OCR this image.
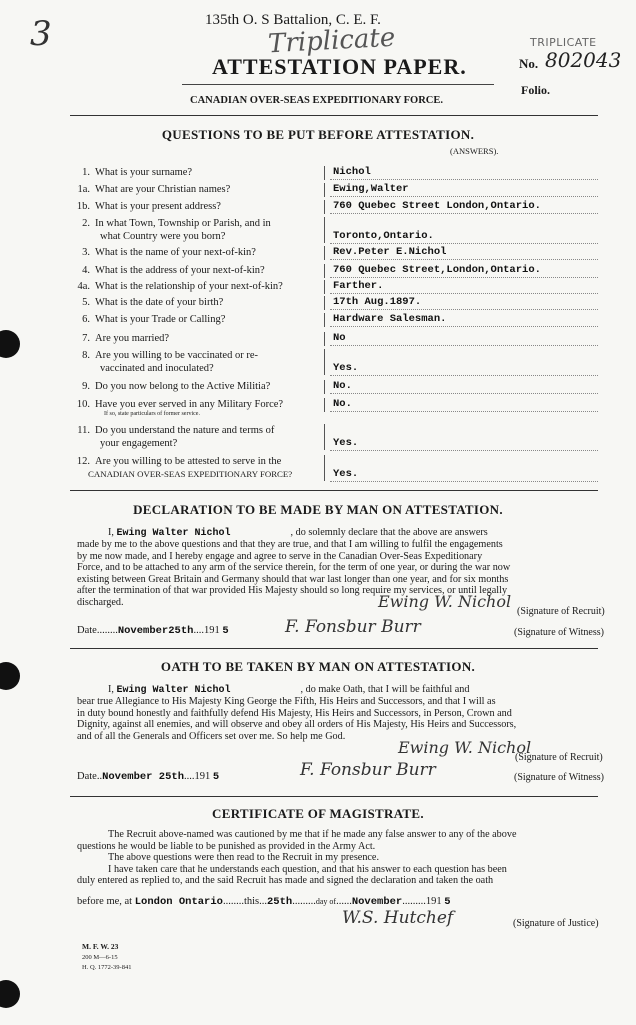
3	135th O. S Battalion, C. E. F.
Triplicate	TRIPLICATE
ATTESTATION PAPER.	No. 802043
Folio.
CANADIAN OVER-SEAS EXPEDITIONARY FORCE.
QUESTIONS TO BE PUT BEFORE ATTESTATION.
(ANSWERS).
1. What is your surname?	Nichol
1a. What are your Christian names?	Ewing,Walter
1b. What is your present address?	760 Quebec Street London,Ontario.
2. In what Town, Township or Parish, and in
what Country were you born?	Toronto,Ontario.
3. What is the name of your next-of-kin?	Rev.Peter E.Nichol
4. What is the address of your next-of-kin?	760 Quebec Street,London,Ontario.
4a. What is the relationship of your next-of-kin?	Farther.
5. What is the date of your birth?	17th Aug.1897.
6. What is your Trade or Calling?	Hardware Salesman.
7. Are you married?	No
8. Are you willing to be vaccinated or re-
vaccinated and inoculated?	Yes.
9. Do you now belong to the Active Militia?	No.
10. Have you ever served in any Military Force?
If so, state particulars of former service.
No.
11. Do you understand the nature and terms of
your engagement?	Yes.
12. Are you willing to be attested to serve in the
CANADIAN OVER-SEAS EXPEDITIONARY FORCE?	Yes.
DECLARATION TO BE MADE BY MAN ON ATTESTATION.
I, Ewing Walter Nichol	, do solemnly declare that the above are answers
made by me to the above questions and that they are true, and that I am willing to fulfil the engagements
by me now made, and I hereby engage and agree to serve in the Canadian Over-Seas Expeditionary
Force, and to be attached to any arm of the service therein, for the term of one year, or during the war now
existing between Great Britain and Germany should that war last longer than one year, and for six months
after the termination of that war provided His Majesty should so long require my services, or until legally
discharged.	Ewing W. Nichol
(Signature of Recruit)
Date........November25th....191 5	F. Fonsbur Burr	(Signature of Witness)
OATH TO BE TAKEN BY MAN ON ATTESTATION.
I, Ewing Walter Nichol	, do make Oath, that I will be faithful and
bear true Allegiance to His Majesty King George the Fifth, His Heirs and Successors, and that I will as
in duty bound honestly and faithfully defend His Majesty, His Heirs and Successors, in Person, Crown and
Dignity, against all enemies, and will observe and obey all orders of His Majesty, His Heirs and Successors,
and of all the Generals and Officers set over me. So help me God.
Ewing W. Nichol
(Signature of Recruit)
Date..November 25th....191 5	F. Fonsbur Burr	(Signature of Witness)
CERTIFICATE OF MAGISTRATE.
The Recruit above-named was cautioned by me that if he made any false answer to any of the above
questions he would be liable to be punished as provided in the Army Act.
The above questions were then read to the Recruit in my presence.
I have taken care that he understands each question, and that his answer to each question has been
duly entered as replied to, and the said Recruit has made and signed the declaration and taken the oath
before me, at London Ontario........this...25th.........day of......November.........191 5
W.S. Hutchef	(Signature of Justice)
M. F. W. 23
200 M—6-15
H. Q. 1772-39-841
